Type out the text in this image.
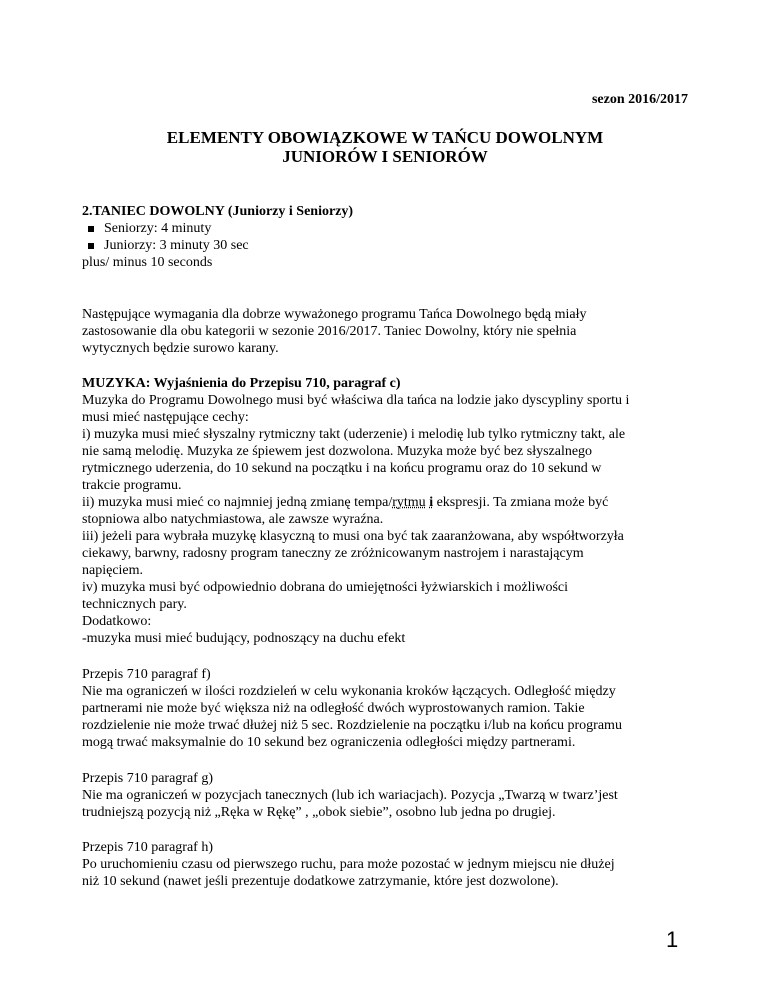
sezon 2016/2017
ELEMENTY OBOWIĄZKOWE W TAŃCU DOWOLNYM
JUNIORÓW I SENIORÓW
2.TANIEC DOWOLNY (Juniorzy i Seniorzy)
Seniorzy: 4 minuty
Juniorzy: 3 minuty 30 sec
plus/ minus 10 seconds
Następujące wymagania dla dobrze wyważonego programu Tańca Dowolnego będą miały
zastosowanie dla obu kategorii w sezonie 2016/2017. Taniec Dowolny, który nie spełnia
wytycznych będzie surowo karany.
MUZYKA: Wyjaśnienia do Przepisu 710, paragraf c)
Muzyka do Programu Dowolnego musi być właściwa dla tańca na lodzie jako dyscypliny sportu i
musi mieć następujące cechy:
i) muzyka musi mieć słyszalny rytmiczny takt (uderzenie) i melodię lub tylko rytmiczny takt, ale
nie samą melodię. Muzyka ze śpiewem jest dozwolona. Muzyka może być bez słyszalnego
rytmicznego uderzenia, do 10 sekund na początku i na końcu programu oraz do 10 sekund w
trakcie programu.
ii) muzyka musi mieć co najmniej jedną zmianę tempa/rytmu i ekspresji. Ta zmiana może być
stopniowa albo natychmiastowa, ale zawsze wyraźna.
iii) jeżeli para wybrała muzykę klasyczną to musi ona być tak zaaranżowana, aby współtworzyła
ciekawy, barwny, radosny program taneczny ze zróżnicowanym nastrojem i narastającym
napięciem.
iv) muzyka musi być odpowiednio dobrana do umiejętności łyżwiarskich i możliwości
technicznych pary.
Dodatkowo:
-muzyka musi mieć budujący, podnoszący na duchu efekt
Przepis 710 paragraf f)
Nie ma ograniczeń w ilości rozdzieleń w celu wykonania kroków łączących. Odległość między
partnerami nie może być większa niż na odległość dwóch wyprostowanych ramion. Takie
rozdzielenie nie może trwać dłużej niż 5 sec. Rozdzielenie na początku i/lub na końcu programu
mogą trwać maksymalnie do 10 sekund bez ograniczenia odległości między partnerami.
Przepis 710 paragraf g)
Nie ma ograniczeń w pozycjach tanecznych (lub ich wariacjach). Pozycja „Twarzą w twarz’jest
trudniejszą pozycją niż „Ręka w Rękę” , „obok siebie”, osobno lub jedna po drugiej.
Przepis 710 paragraf h)
Po uruchomieniu czasu od pierwszego ruchu, para może pozostać w jednym miejscu nie dłużej
niż 10 sekund (nawet jeśli prezentuje dodatkowe zatrzymanie, które jest dozwolone).
1
